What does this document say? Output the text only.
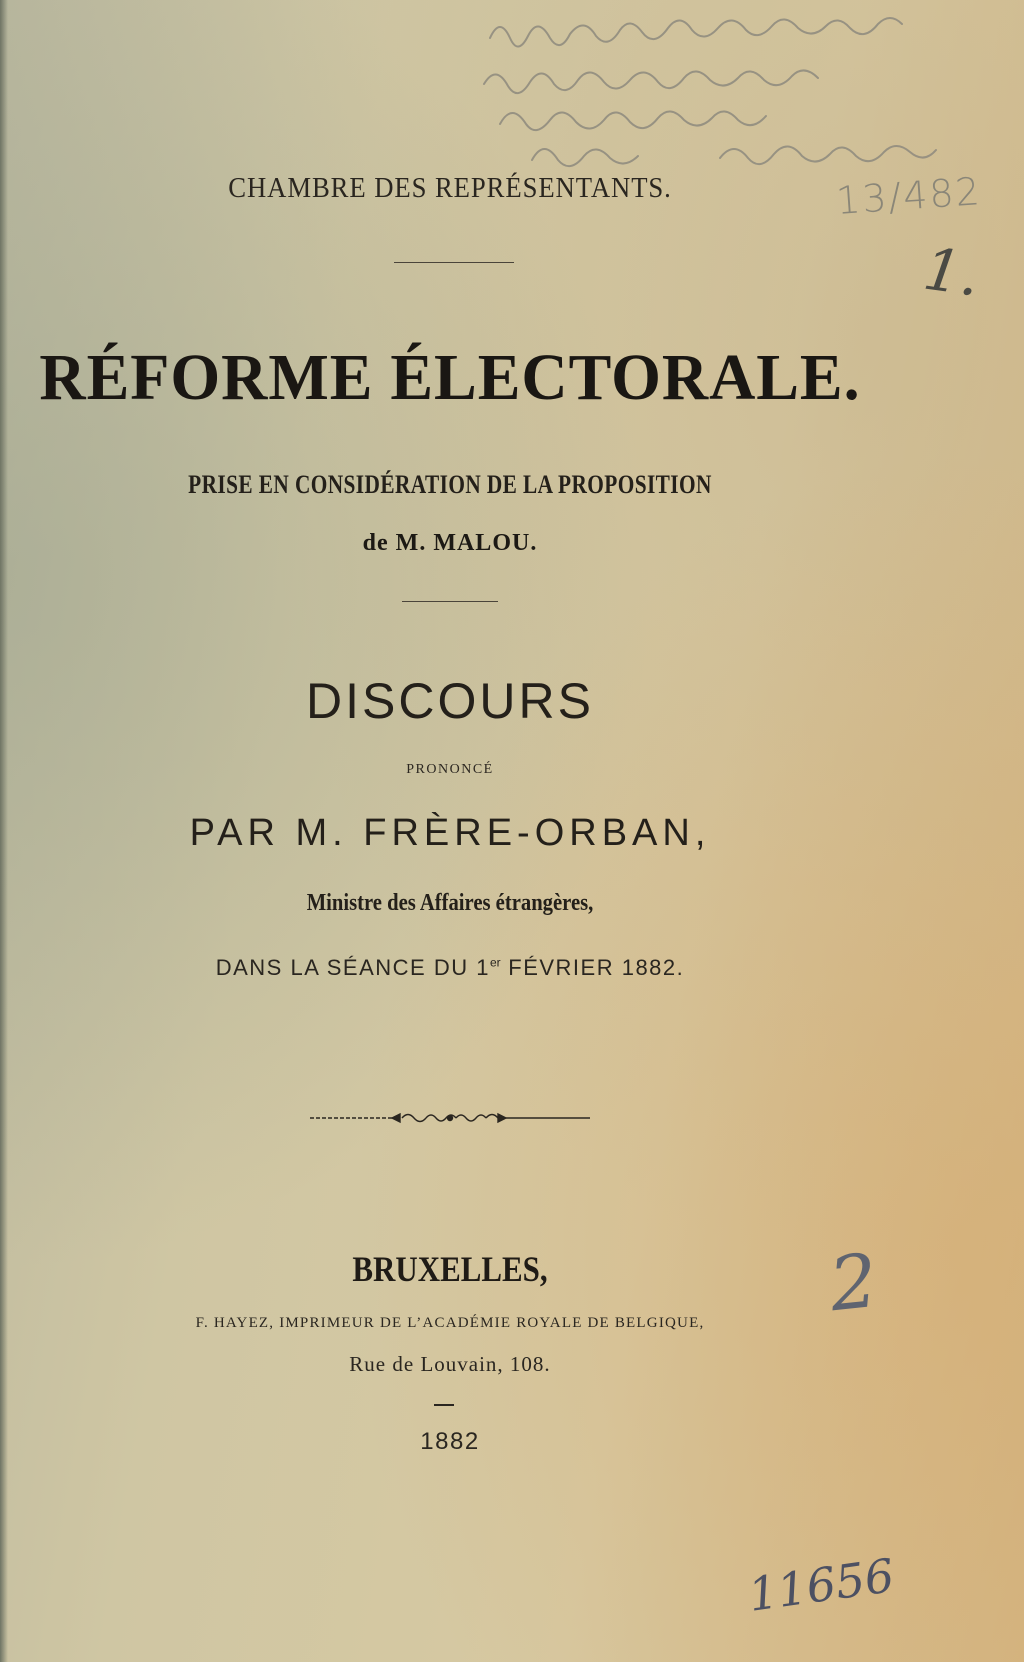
13/482
1.
CHAMBRE DES REPRÉSENTANTS.
RÉFORME ÉLECTORALE.
PRISE EN CONSIDÉRATION DE LA PROPOSITION
de M. MALOU.
DISCOURS
PRONONCÉ
PAR M. FRÈRE-ORBAN,
Ministre des Affaires étrangères,
DANS LA SÉANCE DU 1er FÉVRIER 1882.
BRUXELLES,	2
F. HAYEZ, IMPRIMEUR DE L’ACADÉMIE ROYALE DE BELGIQUE,
Rue de Louvain, 108.
1882
11656
